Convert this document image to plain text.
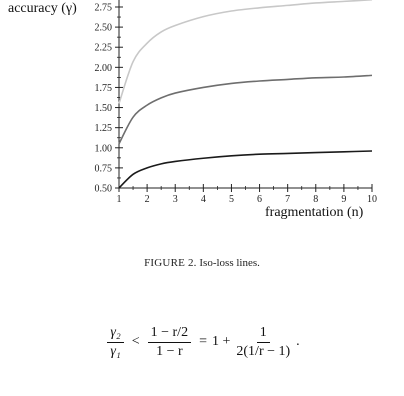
0.50
0.75
1.00
1.25
1.50
1.75
2.00
2.25
2.50
2.75
1 2 3 4 5 6 7 8 9 10
accuracy (γ)
fragmentation (n)
FIGURE 2. Iso-loss lines.
$\frac{\text{γ₂}}{\text{γ₁}} < \frac{1 - r/2}{1 - r} = 1 + \frac{1}{2(1/r - 1)}$ .
